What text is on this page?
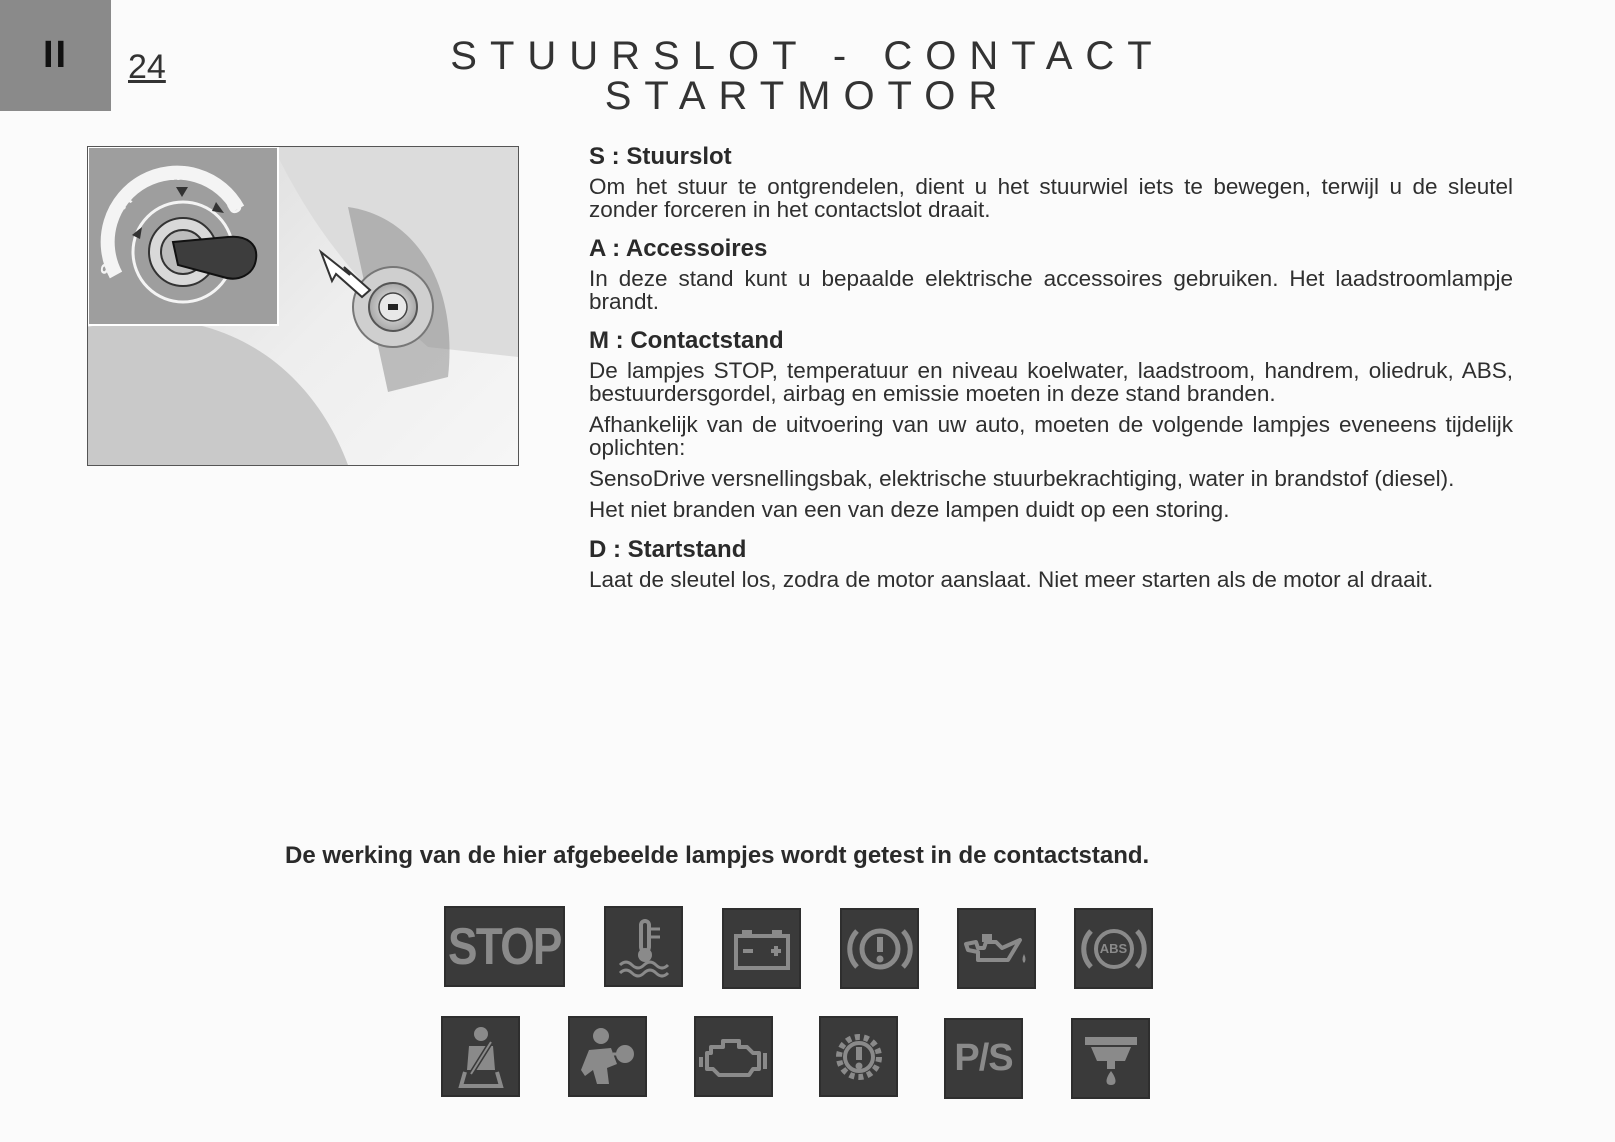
II 24	STUURSLOT - CONTACT
STARTMOTOR
S
A
M
D

S : Stuurslot

Om het stuur te ontgrendelen, dient u het stuurwiel iets te bewegen, terwijl u de sleutel zonder forceren in het contactslot draait.

A : Accessoires

In deze stand kunt u bepaalde elektrische accessoires gebruiken. Het laadstroomlampje brandt.

M : Contactstand

De lampjes STOP, temperatuur en niveau koelwater, laadstroom, handrem, oliedruk, ABS, bestuurdersgordel, airbag en emissie moeten in deze stand branden.

Afhankelijk van de uitvoering van uw auto, moeten de volgende lampjes eveneens tijdelijk oplichten:

SensoDrive versnellingsbak, elektrische stuurbekrachtiging, water in brandstof (diesel).

Het niet branden van een van deze lampen duidt op een storing.

D : Startstand

Laat de sleutel los, zodra de motor aanslaat. Niet meer starten als de motor al draait.

De werking van de hier afgebeelde lampjes wordt getest in de contactstand.
STOP	ABS
P/S
